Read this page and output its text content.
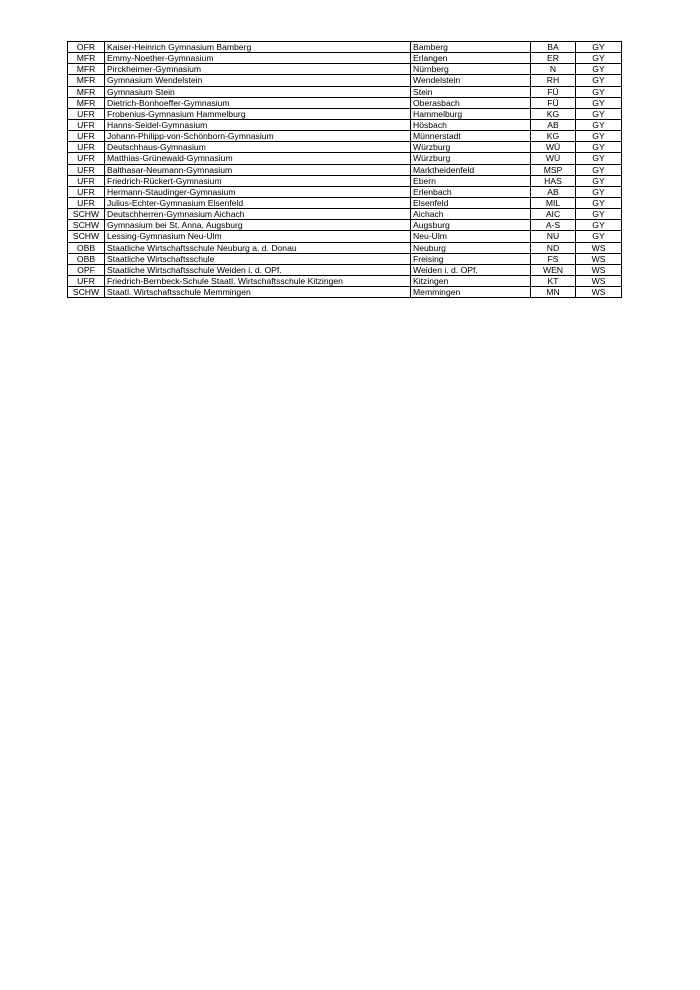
OFR	Kaiser-Heinrich Gymnasium Bamberg	Bamberg	BA	GY
MFR	Emmy-Noether-Gymnasium	Erlangen	ER	GY
MFR	Pirckheimer-Gymnasium	Nürnberg	N	GY
MFR	Gymnasium Wendelstein	Wendelstein	RH	GY
MFR	Gymnasium Stein	Stein	FÜ	GY
MFR	Dietrich-Bonhoeffer-Gymnasium	Oberasbach	FÜ	GY
UFR	Frobenius-Gymnasium Hammelburg	Hammelburg	KG	GY
UFR	Hanns-Seidel-Gymnasium	Hösbach	AB	GY
UFR	Johann-Philipp-von-Schönborn-Gymnasium	Münnerstadt	KG	GY
UFR	Deutschhaus-Gymnasium	Würzburg	WÜ	GY
UFR	Matthias-Grünewald-Gymnasium	Würzburg	WÜ	GY
UFR	Balthasar-Neumann-Gymnasium	Marktheidenfeld	MSP	GY
UFR	Friedrich-Rückert-Gymnasium	Ebern	HAS	GY
UFR	Hermann-Staudinger-Gymnasium	Erlenbach	AB	GY
UFR	Julius-Echter-Gymnasium Elsenfeld	Elsenfeld	MIL	GY
SCHW	Deutschherren-Gymnasium Aichach	Aichach	AIC	GY
SCHW	Gymnasium bei St. Anna, Augsburg	Augsburg	A-S	GY
SCHW	Lessing-Gymnasium Neu-Ulm	Neu-Ulm	NU	GY
OBB	Staatliche Wirtschaftsschule Neuburg a. d. Donau	Neuburg	ND	WS
OBB	Staatliche Wirtschaftsschule	Freising	FS	WS
OPF	Staatliche Wirtschaftsschule Weiden i. d. OPf.	Weiden i. d. OPf.	WEN	WS
UFR	Friedrich-Bernbeck-Schule Staatl. Wirtschaftsschule Kitzingen	Kitzingen	KT	WS
SCHW	Staatl. Wirtschaftsschule Memmingen	Memmingen	MN	WS
